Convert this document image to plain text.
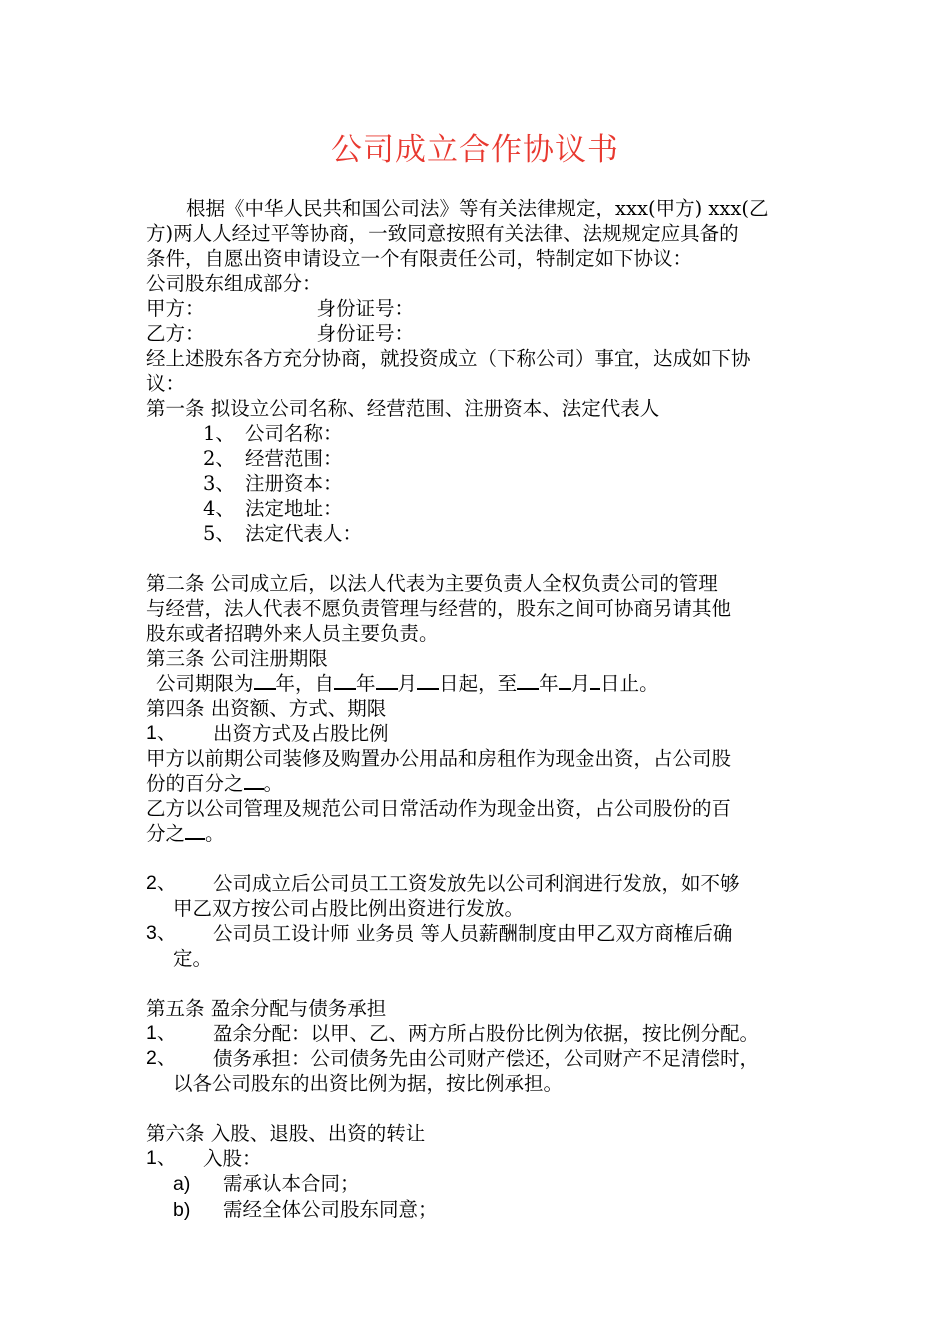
公司成立合作协议书

根据《中华人民共和国公司法》等有关法律规定，xxx(甲方) xxx(乙

方)两人人经过平等协商，一致同意按照有关法律、法规规定应具备的

条件，自愿出资申请设立一个有限责任公司，特制定如下协议：

公司股东组成部分：

甲方：	身份证号：

乙方：	身份证号：

经上述股东各方充分协商，就投资成立（下称公司）事宜，达成如下协

议：

第一条 拟设立公司名称、经营范围、注册资本、法定代表人

1、 公司名称：

2、 经营范围：

3、 注册资本：

4、 法定地址：

5、 法定代表人：

第二条 公司成立后，以法人代表为主要负责人全权负责公司的管理

与经营，法人代表不愿负责管理与经营的，股东之间可协商另请其他

股东或者招聘外来人员主要负责。

第三条 公司注册期限

公司期限为 年，自 年 月 日起，至 年 月 日止。

第四条 出资额、方式、期限

1、	出资方式及占股比例

甲方以前期公司装修及购置办公用品和房租作为现金出资，占公司股

份的百分之 。

乙方以公司管理及规范公司日常活动作为现金出资，占公司股份的百

分之 。

2、	公司成立后公司员工工资发放先以公司利润进行发放，如不够

甲乙双方按公司占股比例出资进行发放。

3、	公司员工设计师 业务员 等人员薪酬制度由甲乙双方商榷后确

定。

第五条 盈余分配与债务承担

1、	盈余分配：以甲、乙、两方所占股份比例为依据，按比例分配。
2、	债务承担：公司债务先由公司财产偿还，公司财产不足清偿时，

以各公司股东的出资比例为据，按比例承担。

第六条 入股、退股、出资的转让

1、	入股：

a) 需承认本合同；

b) 需经全体公司股东同意；
